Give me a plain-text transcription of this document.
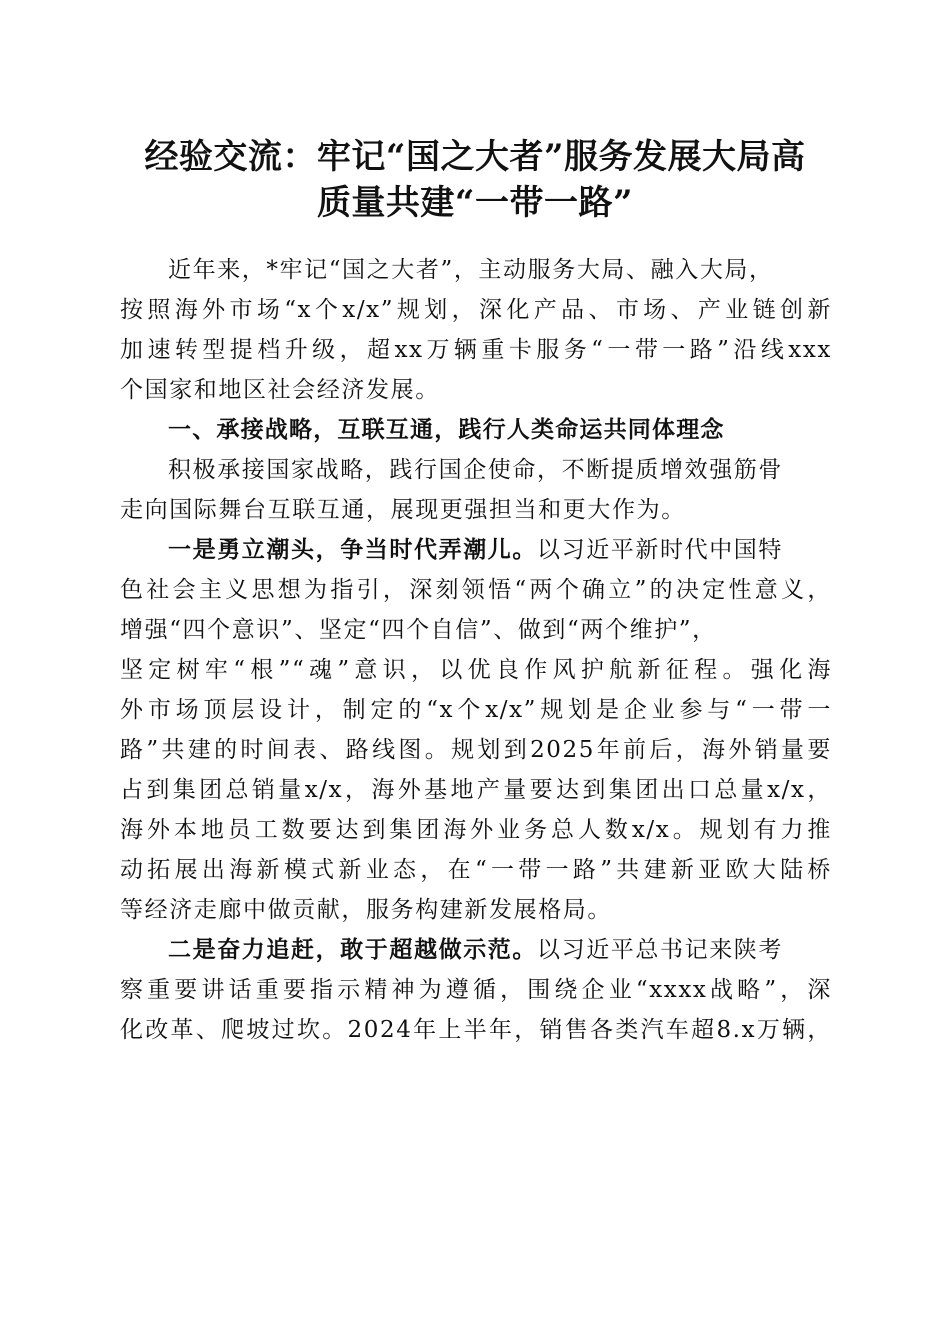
经验交流：牢记“国之大者”服务发展大局高
质量共建“一带一路”
近年来，*牢记“国之大者”，主动服务大局、融入大局，
按照海外市场“x个x/x”规划，深化产品、市场、产业链创新
加速转型提档升级，超xx万辆重卡服务“一带一路”沿线xxx
个国家和地区社会经济发展。
一、承接战略，互联互通，践行人类命运共同体理念
积极承接国家战略，践行国企使命，不断提质增效强筋骨
走向国际舞台互联互通，展现更强担当和更大作为。
一是勇立潮头，争当时代弄潮儿。以习近平新时代中国特
色社会主义思想为指引，深刻领悟“两个确立”的决定性意义，
增强“四个意识”、坚定“四个自信”、做到“两个维护”，
坚定树牢“根”“魂”意识，以优良作风护航新征程。强化海
外市场顶层设计，制定的“x个x/x”规划是企业参与“一带一
路”共建的时间表、路线图。规划到2025年前后，海外销量要
占到集团总销量x/x，海外基地产量要达到集团出口总量x/x，
海外本地员工数要达到集团海外业务总人数x/x。规划有力推
动拓展出海新模式新业态，在“一带一路”共建新亚欧大陆桥
等经济走廊中做贡献，服务构建新发展格局。
二是奋力追赶，敢于超越做示范。以习近平总书记来陕考
察重要讲话重要指示精神为遵循，围绕企业“xxxx战略”，深
化改革、爬坡过坎。2024年上半年，销售各类汽车超8.x万辆，
